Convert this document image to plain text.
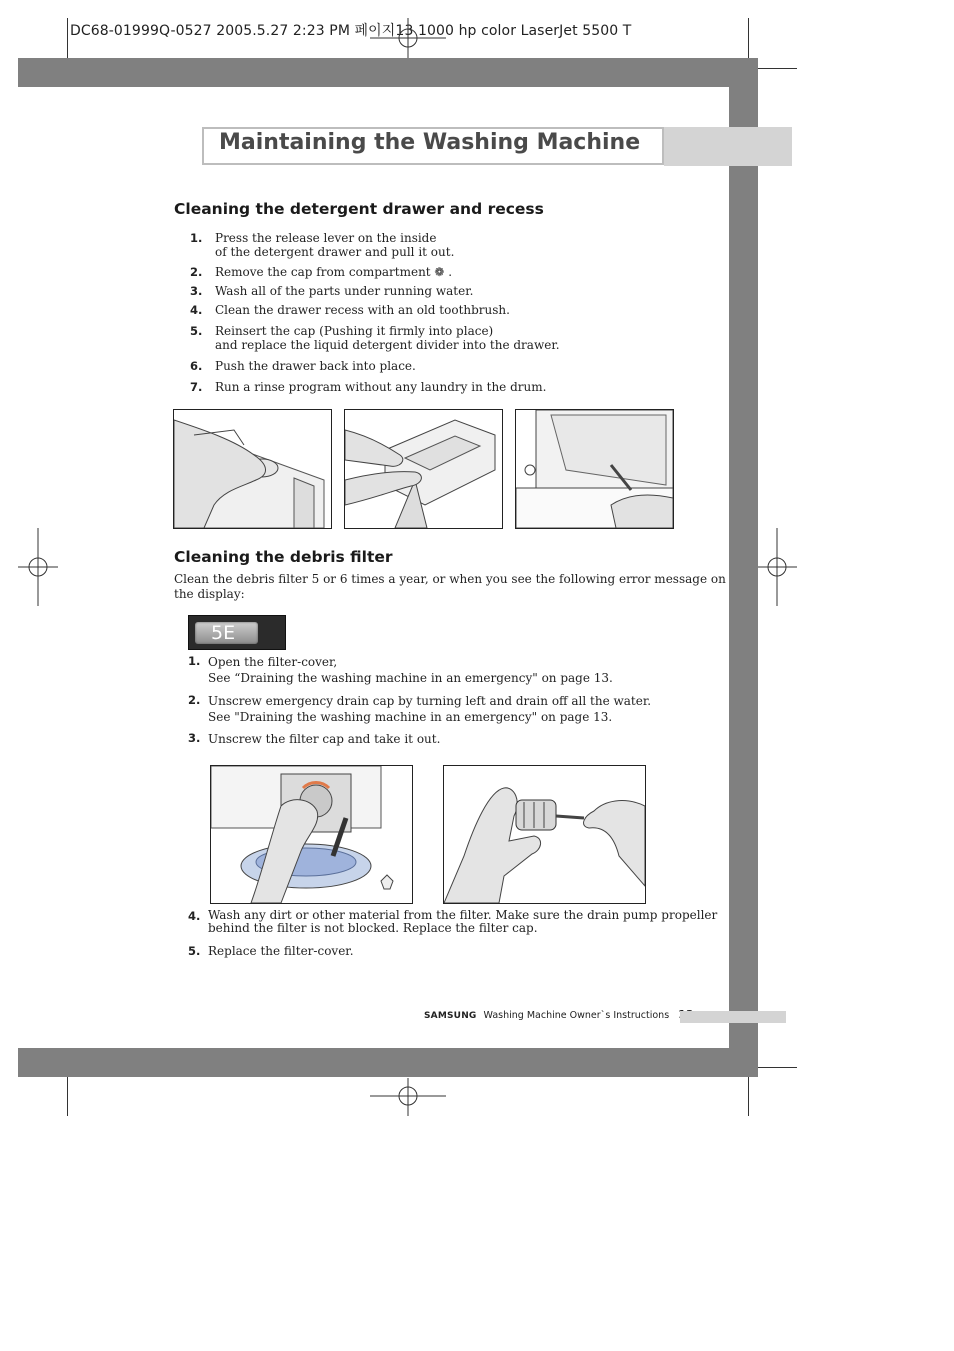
DC68-01999Q-0527 2005.5.27 2:23 PM 페이지13 1000 hp color LaserJet 5500 T
Maintaining the Washing Machine
Cleaning the detergent drawer and recess
1. Press the release lever on the inside
of the detergent drawer and pull it out.
2. Remove the cap from compartment ❁ .
3. Wash all of the parts under running water.
4. Clean the drawer recess with an old toothbrush.
5. Reinsert the cap (Pushing it firmly into place)
and replace the liquid detergent divider into the drawer.
6. Push the drawer back into place.
7. Run a rinse program without any laundry in the drum.
Cleaning the debris filter
Clean the debris filter 5 or 6 times a year, or when you see the following error message on
the display:
5E
1. Open the filter-cover,
See “Draining the washing machine in an emergency" on page 13.
2. Unscrew emergency drain cap by turning left and drain off all the water.
See "Draining the washing machine in an emergency" on page 13.
3. Unscrew the filter cap and take it out.
4. Wash any dirt or other material from the filter. Make sure the drain pump propeller
behind the filter is not blocked. Replace the filter cap.
5. Replace the filter-cover.
SAMSUNG Washing Machine Owner`s Instructions
